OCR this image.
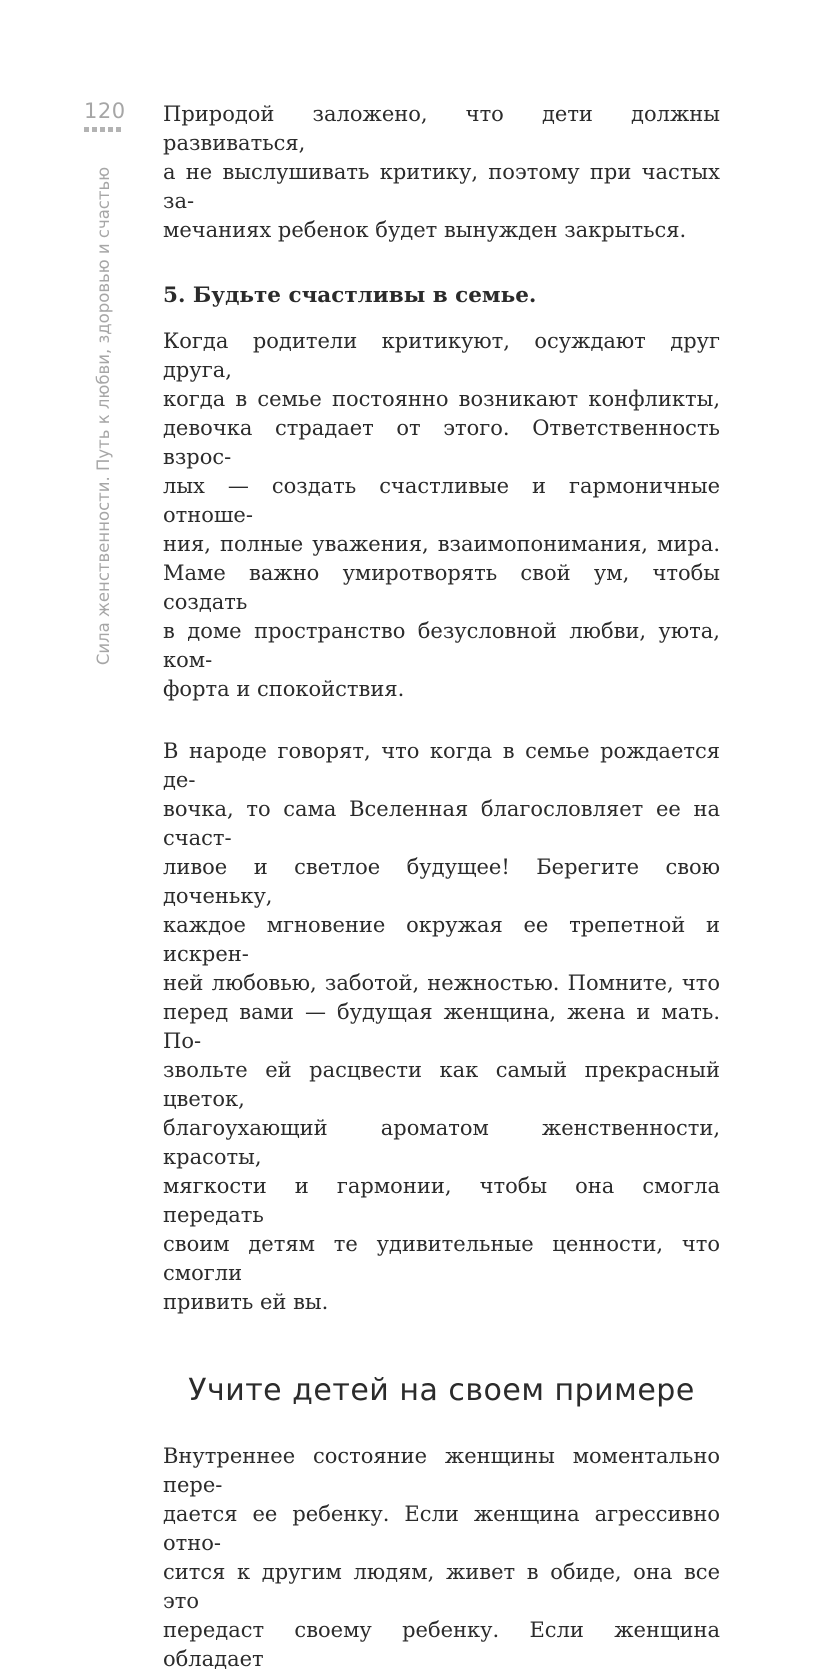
120
Сила женственности. Путь к любви, здоровью и счастью
Природой заложено, что дети должны развиваться,
а не выслушивать критику, поэтому при частых за-
мечаниях ребенок будет вынужден закрыться.
5. Будьте счастливы в семье.
Когда родители критикуют, осуждают друг друга,
когда в семье постоянно возникают конфликты,
девочка страдает от этого. Ответственность взрос-
лых — создать счастливые и гармоничные отноше-
ния, полные уважения, взаимопонимания, мира.
Маме важно умиротворять свой ум, чтобы создать
в доме пространство безусловной любви, уюта, ком-
форта и спокойствия.
В народе говорят, что когда в семье рождается де-
вочка, то сама Вселенная благословляет ее на счаст-
ливое и светлое будущее! Берегите свою доченьку,
каждое мгновение окружая ее трепетной и искрен-
ней любовью, заботой, нежностью. Помните, что
перед вами — будущая женщина, жена и мать. По-
звольте ей расцвести как самый прекрасный цветок,
благоухающий ароматом женственности, красоты,
мягкости и гармонии, чтобы она смогла передать
своим детям те удивительные ценности, что смогли
привить ей вы.
Учите детей на своем примере
Внутреннее состояние женщины моментально пере-
дается ее ребенку. Если женщина агрессивно отно-
сится к другим людям, живет в обиде, она все это
передаст своему ребенку. Если женщина обладает
